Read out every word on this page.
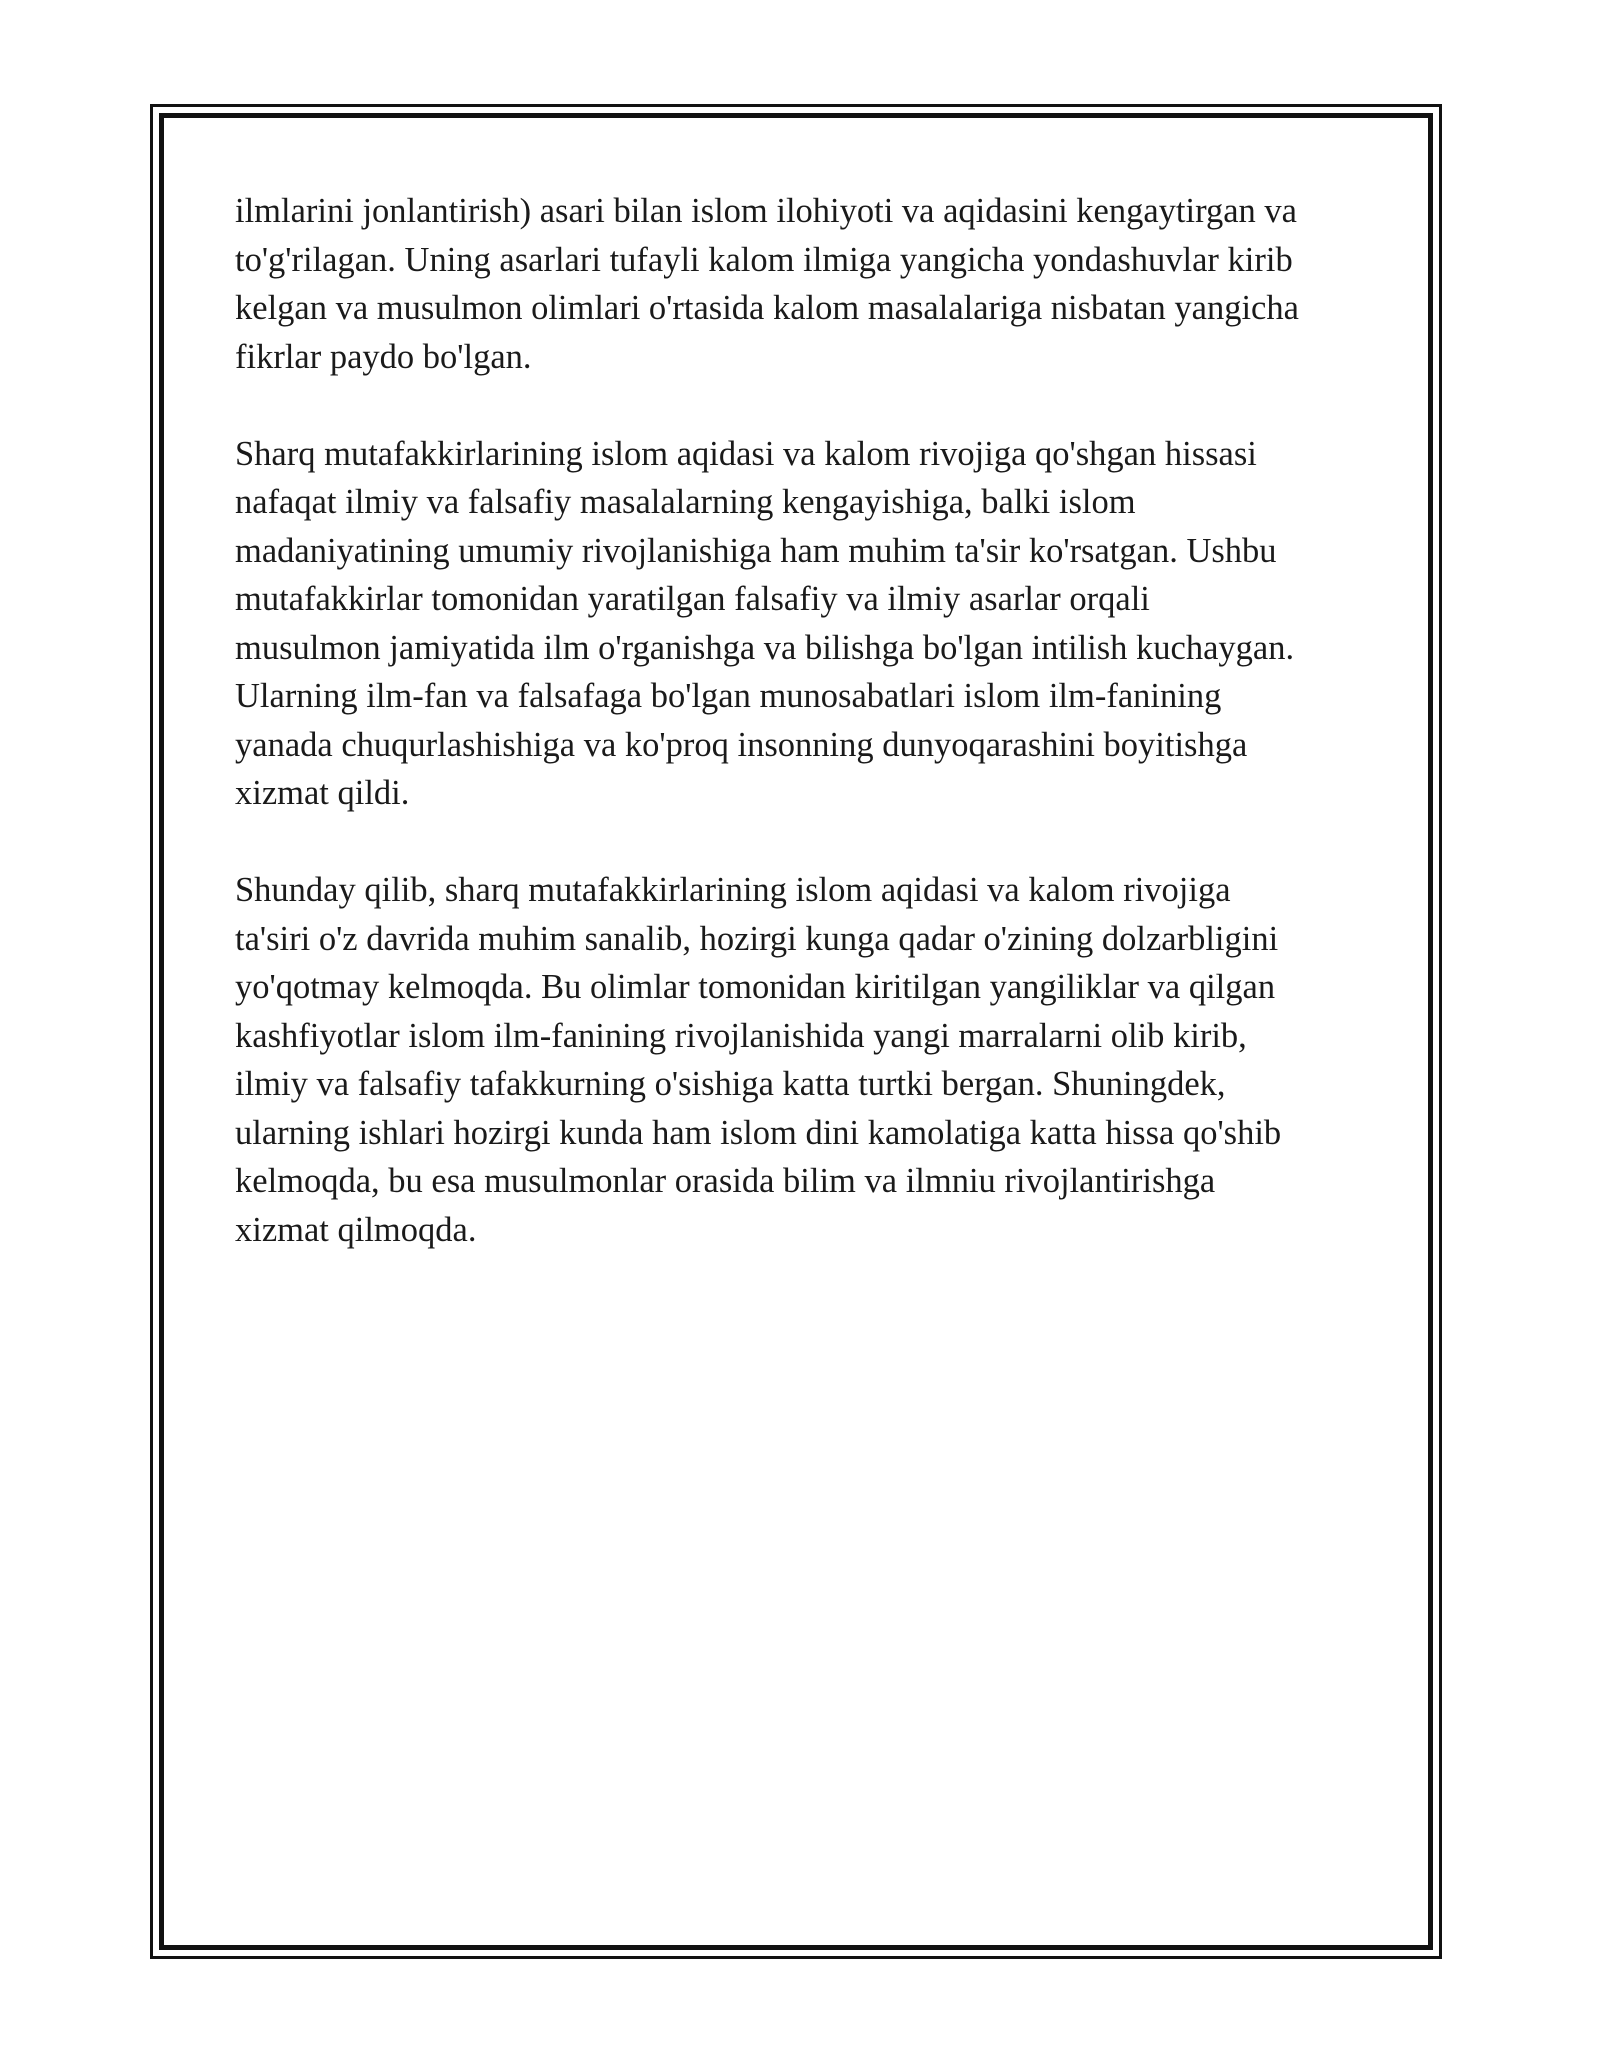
ilmlarini jonlantirish) asari bilan islom ilohiyoti va aqidasini kengaytirgan va
to'g'rilagan. Uning asarlari tufayli kalom ilmiga yangicha yondashuvlar kirib
kelgan va musulmon olimlari o'rtasida kalom masalalariga nisbatan yangicha
fikrlar paydo bo'lgan.

Sharq mutafakkirlarining islom aqidasi va kalom rivojiga qo'shgan hissasi
nafaqat ilmiy va falsafiy masalalarning kengayishiga, balki islom
madaniyatining umumiy rivojlanishiga ham muhim ta'sir ko'rsatgan. Ushbu
mutafakkirlar tomonidan yaratilgan falsafiy va ilmiy asarlar orqali
musulmon jamiyatida ilm o'rganishga va bilishga bo'lgan intilish kuchaygan.
Ularning ilm-fan va falsafaga bo'lgan munosabatlari islom ilm-fanining
yanada chuqurlashishiga va ko'proq insonning dunyoqarashini boyitishga
xizmat qildi.

Shunday qilib, sharq mutafakkirlarining islom aqidasi va kalom rivojiga
ta'siri o'z davrida muhim sanalib, hozirgi kunga qadar o'zining dolzarbligini
yo'qotmay kelmoqda. Bu olimlar tomonidan kiritilgan yangiliklar va qilgan
kashfiyotlar islom ilm-fanining rivojlanishida yangi marralarni olib kirib,
ilmiy va falsafiy tafakkurning o'sishiga katta turtki bergan. Shuningdek,
ularning ishlari hozirgi kunda ham islom dini kamolatiga katta hissa qo'shib
kelmoqda, bu esa musulmonlar orasida bilim va ilmniu rivojlantirishga
xizmat qilmoqda.
